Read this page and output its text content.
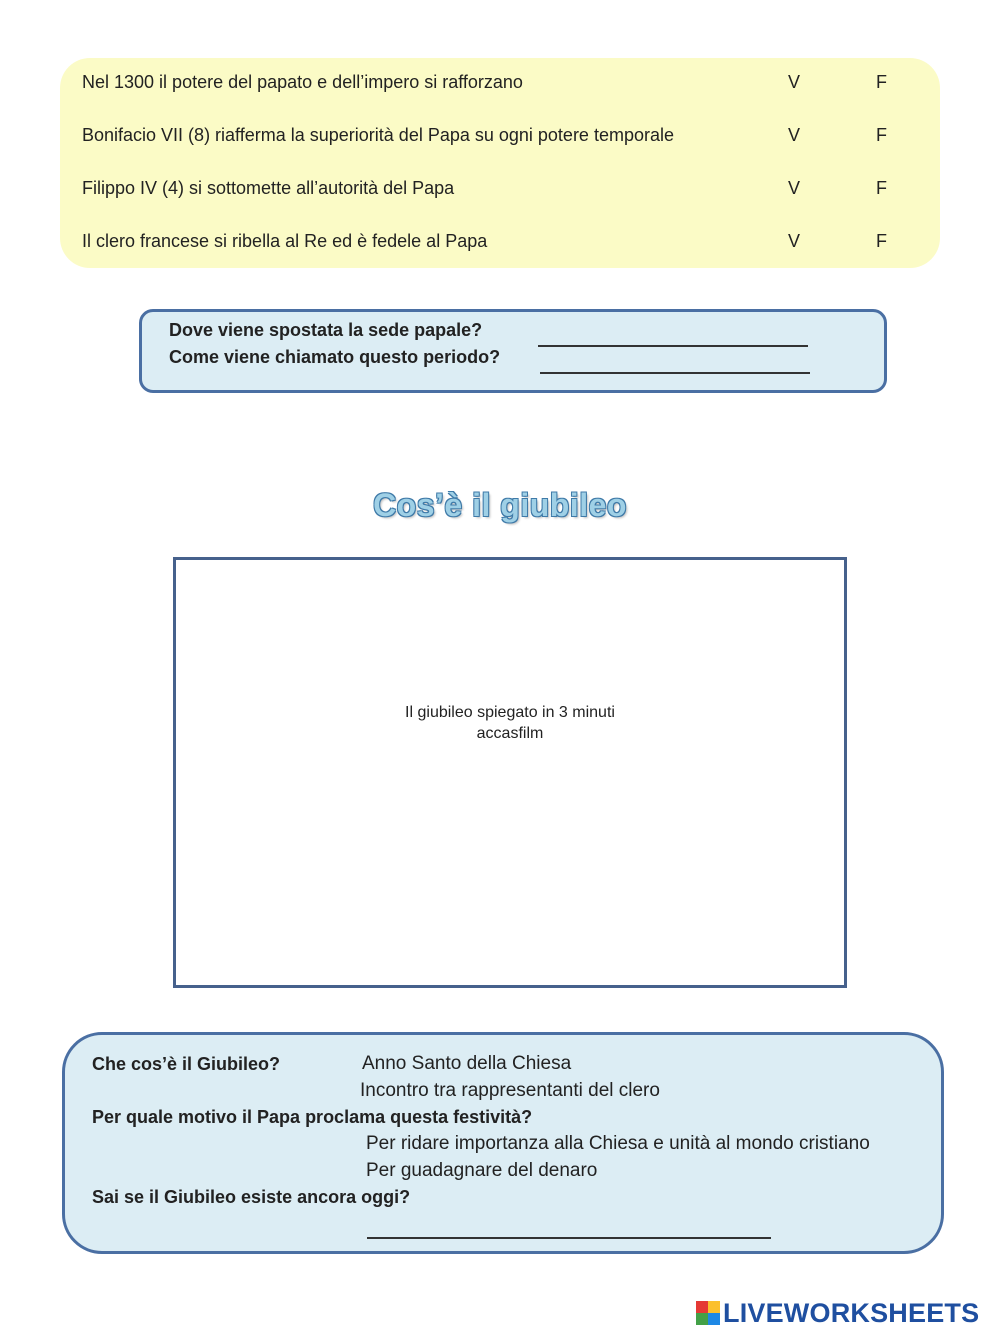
Nel 1300 il potere del papato e dell’impero si rafforzano	V	F
Bonifacio VII (8) riafferma la superiorità del Papa su ogni potere temporale	V	F
Filippo IV (4) si sottomette all’autorità del Papa	V	F
Il clero francese si ribella al Re ed è fedele al Papa	V	F
Dove viene spostata la sede papale?
Come viene chiamato questo periodo?
Cos’è il giubileo
Il giubileo spiegato in 3 minuti
accasfilm
Che cos’è il Giubileo?	Anno Santo della Chiesa
Incontro tra rappresentanti del clero
Per quale motivo il Papa proclama questa festività?
Per ridare importanza alla Chiesa e unità al mondo cristiano
Per guadagnare del denaro
Sai se il Giubileo esiste ancora oggi?
LIVEWORKSHEETS
